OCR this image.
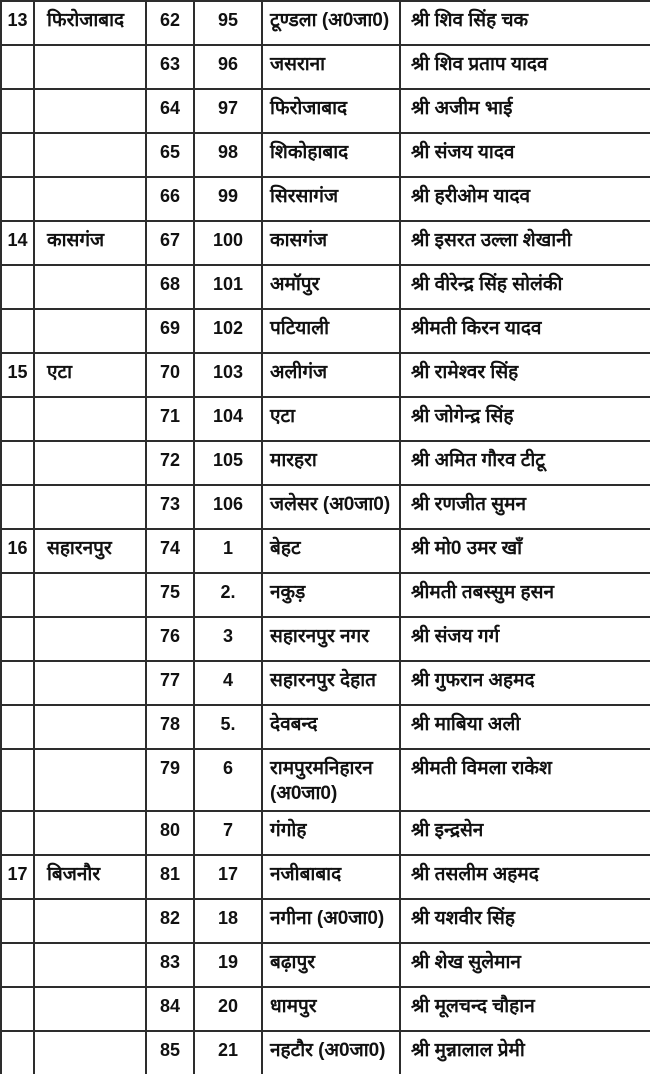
13	फिरोजाबाद	62	95	टूण्डला (अ0जा0)	श्री शिव सिंह चक
		63	96	जसराना	श्री शिव प्रताप यादव
		64	97	फिरोजाबाद	श्री अजीम भाई
		65	98	शिकोहाबाद	श्री संजय यादव
		66	99	सिरसागंज	श्री हरीओम यादव
14	कासगंज	67	100	कासगंज	श्री इसरत उल्ला शेखानी
		68	101	अमॉपुर	श्री वीरेन्द्र सिंह सोलंकी
		69	102	पटियाली	श्रीमती किरन यादव
15	एटा	70	103	अलीगंज	श्री रामेश्वर सिंह
		71	104	एटा	श्री जोगेन्द्र सिंह
		72	105	मारहरा	श्री अमित गौरव टीटू
		73	106	जलेसर (अ0जा0)	श्री रणजीत सुमन
16	सहारनपुर	74	1	बेहट	श्री मो0 उमर खाँ
		75	2.	नकुड़	श्रीमती तबस्सुम हसन
		76	3	सहारनपुर नगर	श्री संजय गर्ग
		77	4	सहारनपुर देहात	श्री गुफरान अहमद
		78	5.	देवबन्द	श्री माबिया अली
		79	6	रामपुरमनिहारन (अ0जा0)	श्रीमती विमला राकेश
		80	7	गंगोह	श्री इन्द्रसेन
17	बिजनौर	81	17	नजीबाबाद	श्री तसलीम अहमद
		82	18	नगीना (अ0जा0)	श्री यशवीर सिंह
		83	19	बढ़ापुर	श्री शेख सुलेमान
		84	20	धामपुर	श्री मूलचन्द चौहान
		85	21	नहटौर (अ0जा0)	श्री मुन्नालाल प्रेमी
